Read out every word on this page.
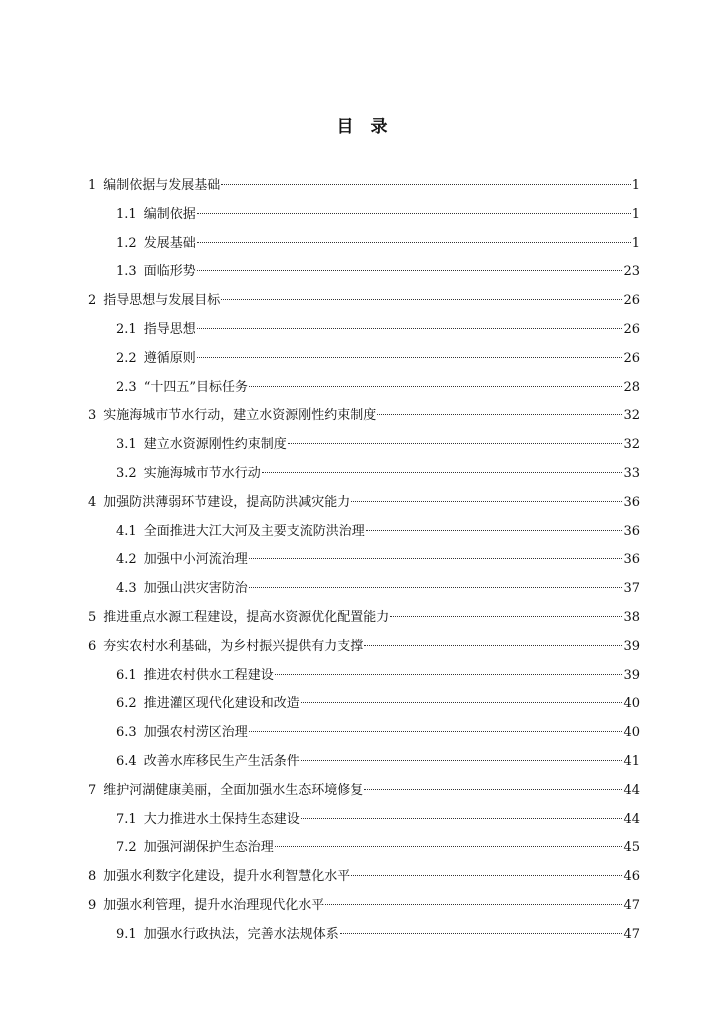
目　录
1 编制依据与发展基础	1
1.1 编制依据	1
1.2 发展基础	1
1.3 面临形势	23
2 指导思想与发展目标	26
2.1 指导思想	26
2.2 遵循原则	26
2.3 “十四五”目标任务	28
3 实施海城市节水行动，建立水资源刚性约束制度	32
3.1 建立水资源刚性约束制度	32
3.2 实施海城市节水行动	33
4 加强防洪薄弱环节建设，提高防洪减灾能力	36
4.1 全面推进大江大河及主要支流防洪治理	36
4.2 加强中小河流治理	36
4.3 加强山洪灾害防治	37
5 推进重点水源工程建设，提高水资源优化配置能力	38
6 夯实农村水利基础，为乡村振兴提供有力支撑	39
6.1 推进农村供水工程建设	39
6.2 推进灌区现代化建设和改造	40
6.3 加强农村涝区治理	40
6.4 改善水库移民生产生活条件	41
7 维护河湖健康美丽，全面加强水生态环境修复	44
7.1 大力推进水土保持生态建设	44
7.2 加强河湖保护生态治理	45
8 加强水利数字化建设，提升水利智慧化水平	46
9 加强水利管理，提升水治理现代化水平	47
9.1 加强水行政执法，完善水法规体系	47
